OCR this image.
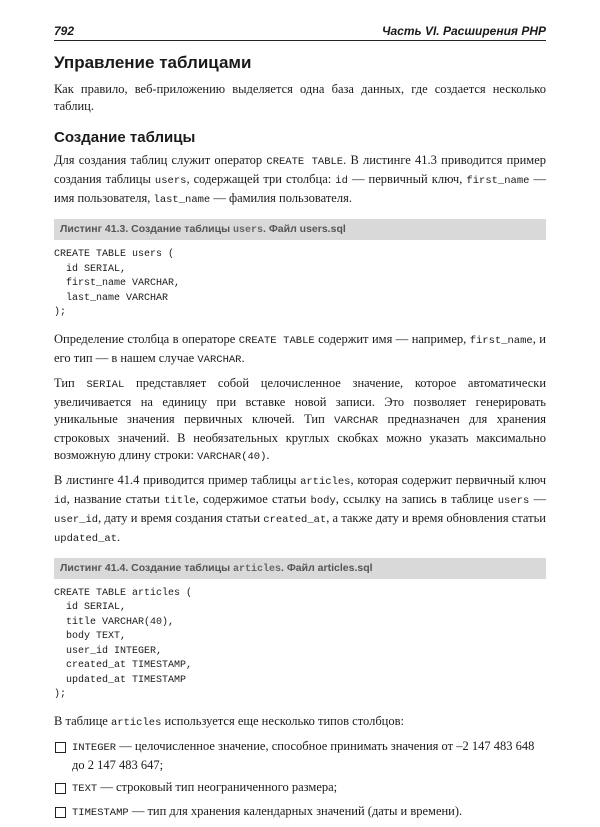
792	Часть VI. Расширения PHP
Управление таблицами

Как правило, веб-приложению выделяется одна база данных, где создается несколько таблиц.

Создание таблицы

Для создания таблиц служит оператор CREATE TABLE. В листинге 41.3 приводится пример создания таблицы users, содержащей три столбца: id — первичный ключ, first_name — имя пользователя, last_name — фамилия пользователя.

Листинг 41.3. Создание таблицы users. Файл users.sql
CREATE TABLE users (
id SERIAL,
first_name VARCHAR,
last_name VARCHAR
);

Определение столбца в операторе CREATE TABLE содержит имя — например, first_name, и его тип — в нашем случае VARCHAR.

Тип SERIAL представляет собой целочисленное значение, которое автоматически увеличивается на единицу при вставке новой записи. Это позволяет генерировать уникальные значения первичных ключей. Тип VARCHAR предназначен для хранения строковых значений. В необязательных круглых скобках можно указать максимально возможную длину строки: VARCHAR(40).

В листинге 41.4 приводится пример таблицы articles, которая содержит первичный ключ id, название статьи title, содержимое статьи body, ссылку на запись в таблице users — user_id, дату и время создания статьи created_at, а также дату и время обновления статьи updated_at.

Листинг 41.4. Создание таблицы articles. Файл articles.sql
CREATE TABLE articles (
id SERIAL,
title VARCHAR(40),
body TEXT,
user_id INTEGER,
created_at TIMESTAMP,
updated_at TIMESTAMP
);

В таблице articles используется еще несколько типов столбцов:

INTEGER — целочисленное значение, способное принимать значения от –2 147 483 648 до 2 147 483 647;
TEXT — строковый тип неограниченного размера;
TIMESTAMP — тип для хранения календарных значений (даты и времени).
